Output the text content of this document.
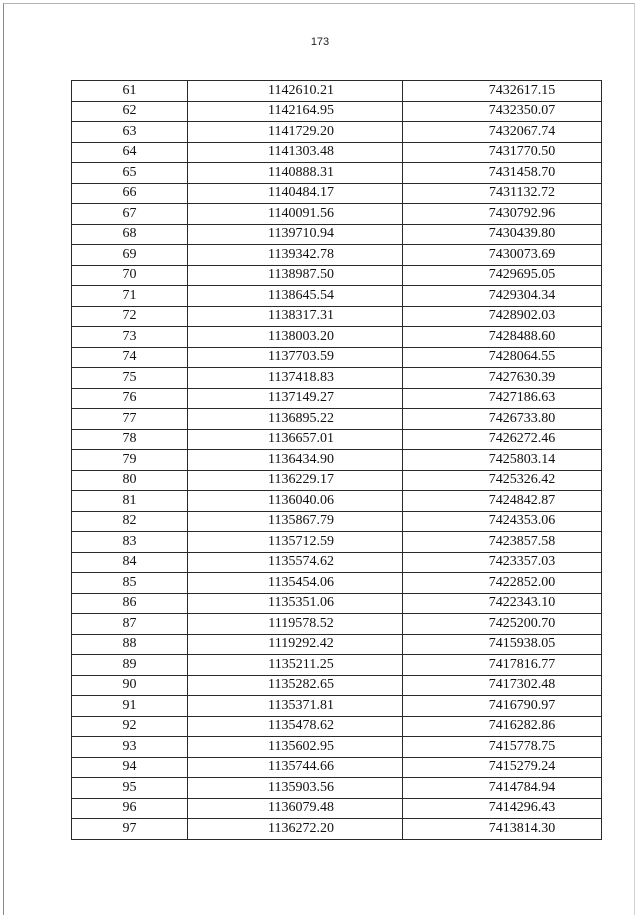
173
61	1142610.21	7432617.15
62	1142164.95	7432350.07
63	1141729.20	7432067.74
64	1141303.48	7431770.50
65	1140888.31	7431458.70
66	1140484.17	7431132.72
67	1140091.56	7430792.96
68	1139710.94	7430439.80
69	1139342.78	7430073.69
70	1138987.50	7429695.05
71	1138645.54	7429304.34
72	1138317.31	7428902.03
73	1138003.20	7428488.60
74	1137703.59	7428064.55
75	1137418.83	7427630.39
76	1137149.27	7427186.63
77	1136895.22	7426733.80
78	1136657.01	7426272.46
79	1136434.90	7425803.14
80	1136229.17	7425326.42
81	1136040.06	7424842.87
82	1135867.79	7424353.06
83	1135712.59	7423857.58
84	1135574.62	7423357.03
85	1135454.06	7422852.00
86	1135351.06	7422343.10
87	1119578.52	7425200.70
88	1119292.42	7415938.05
89	1135211.25	7417816.77
90	1135282.65	7417302.48
91	1135371.81	7416790.97
92	1135478.62	7416282.86
93	1135602.95	7415778.75
94	1135744.66	7415279.24
95	1135903.56	7414784.94
96	1136079.48	7414296.43
97	1136272.20	7413814.30
